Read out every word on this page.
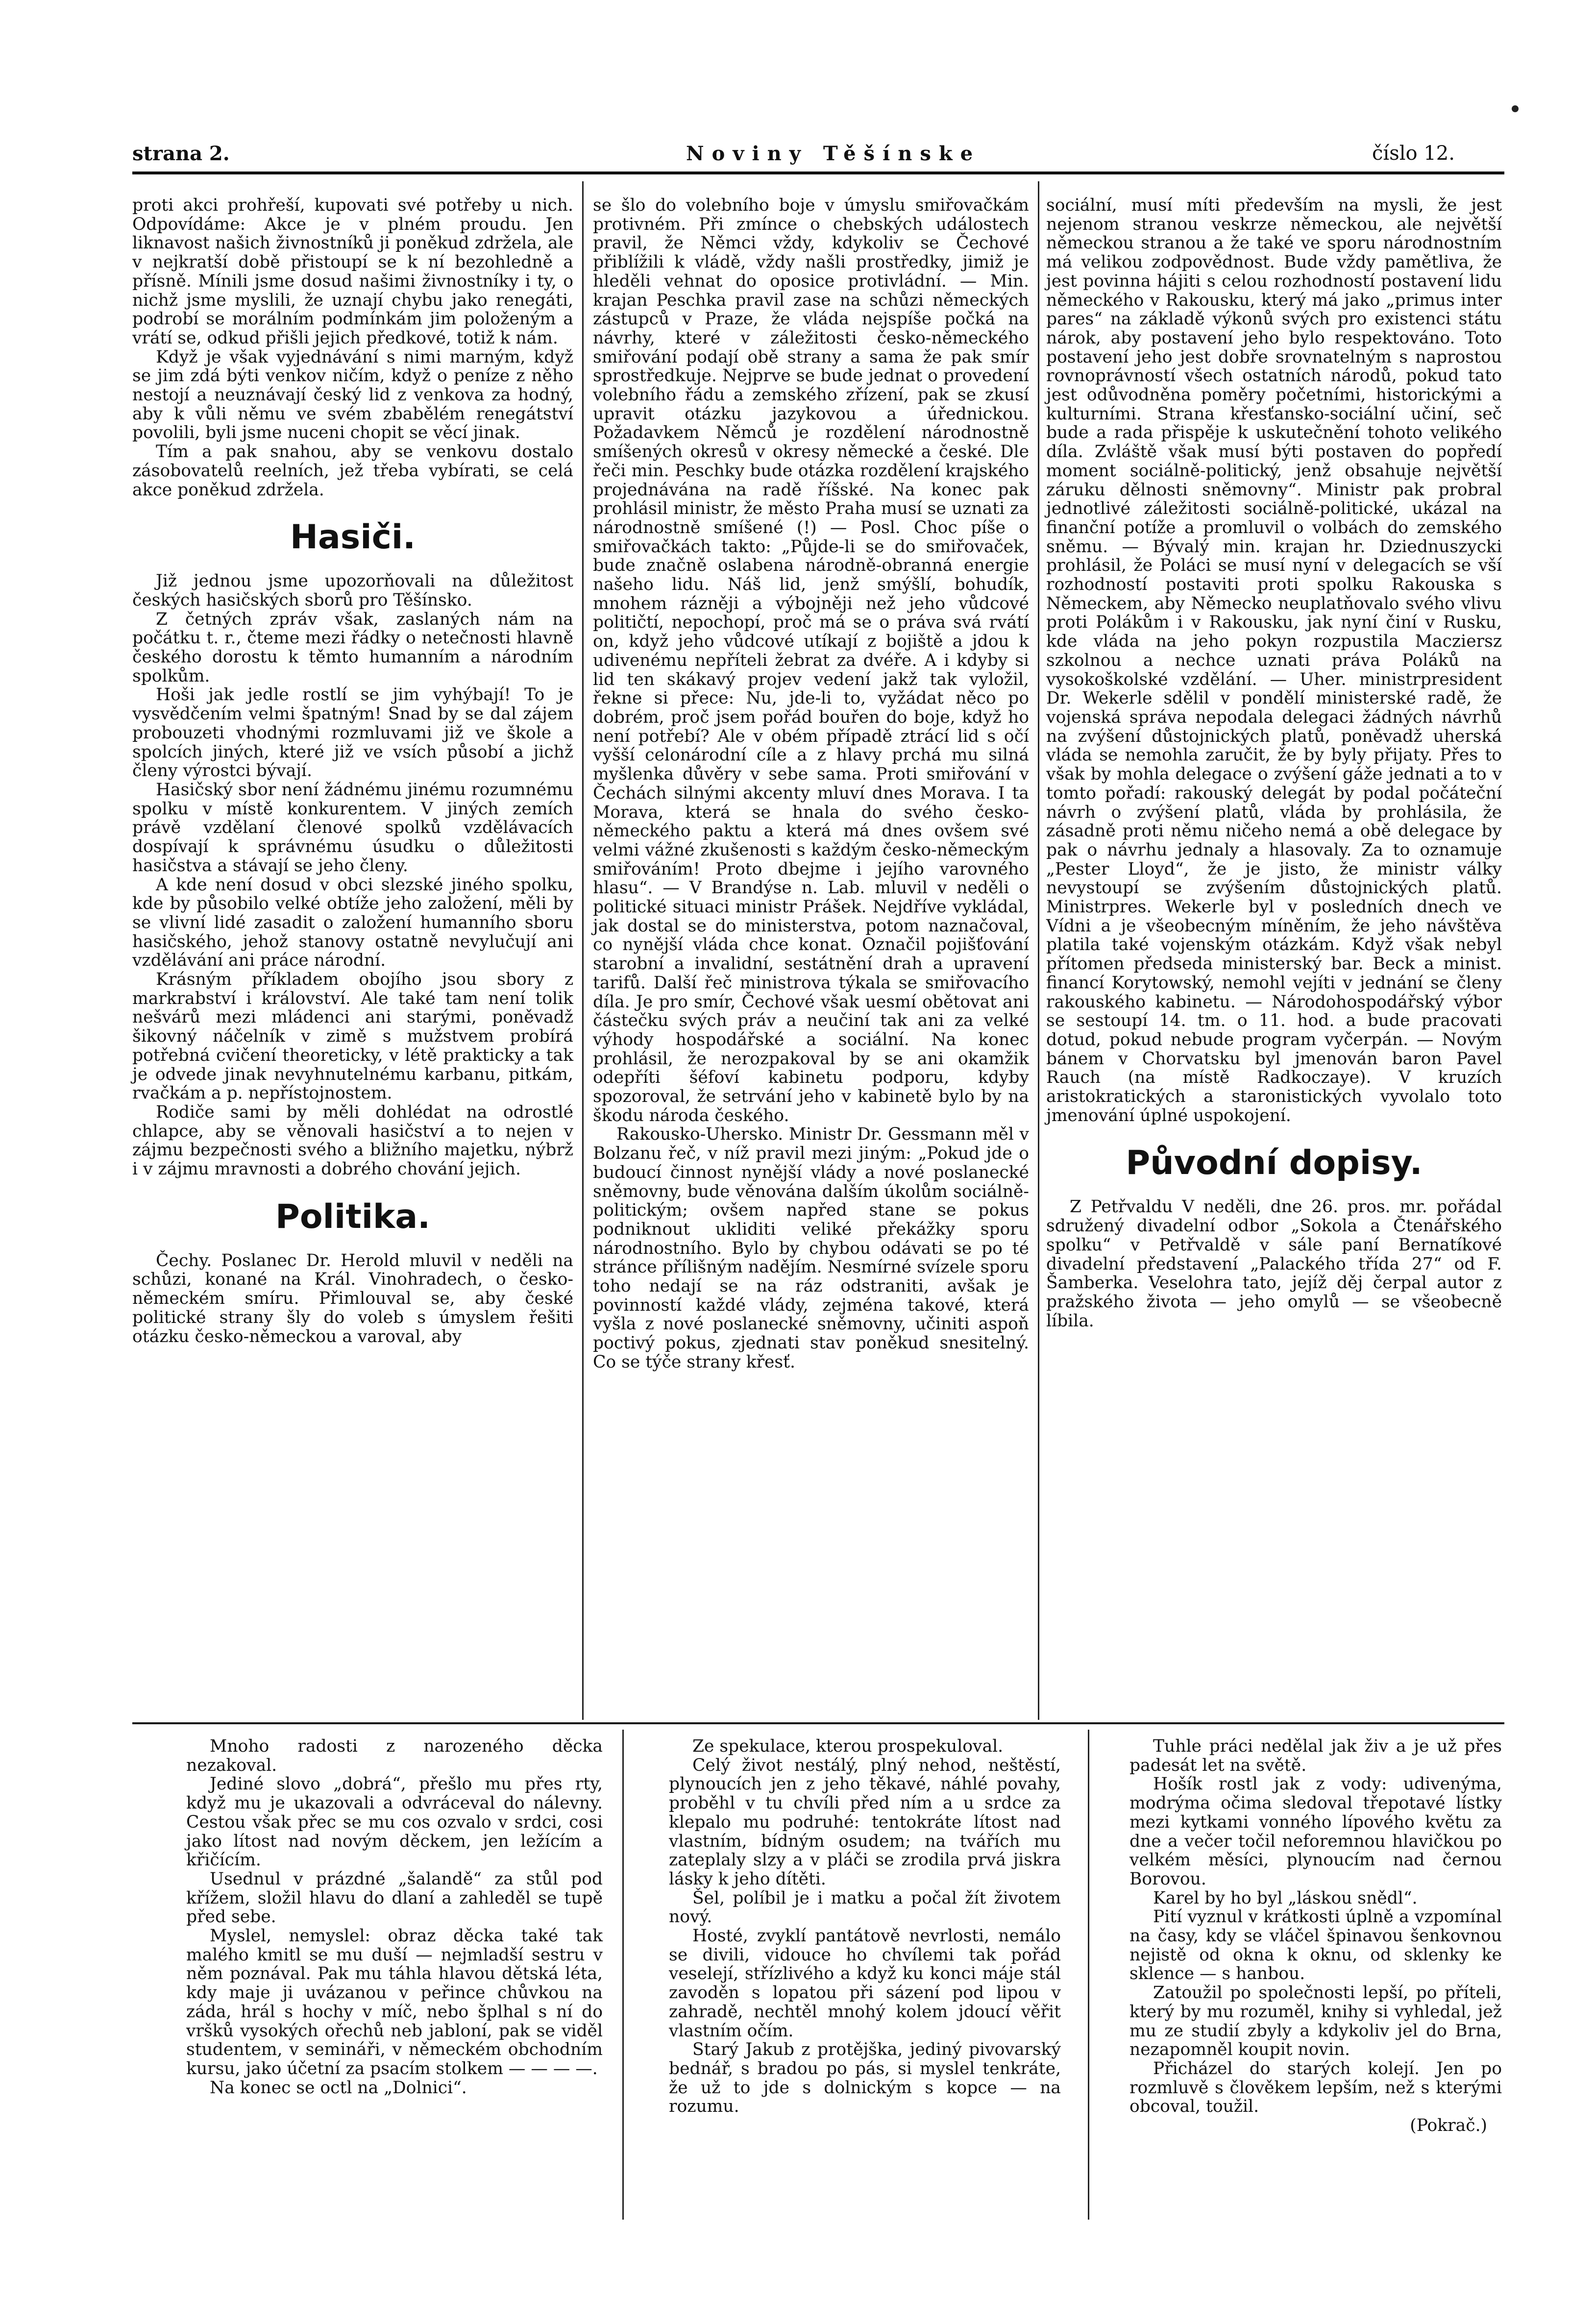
strana 2.	Noviny Těšínske	číslo 12.

proti akci prohřeší, kupovati své potřeby u nich. Odpovídáme: Akce je v plném proudu. Jen liknavost našich živnostníků ji poněkud zdržela, ale v nejkratší době přistoupí se k ní bezohledně a přísně. Mínili jsme dosud našimi živnostníky i ty, o nichž jsme myslili, že uznají chybu jako renegáti, podrobí se morálním podmínkám jim položeným a vrátí se, odkud přišli jejich předkové, totiž k nám.

Když je však vyjednávání s nimi marným, když se jim zdá býti venkov ničím, když o peníze z něho nestojí a neuznávají český lid z venkova za hodný, aby k vůli němu ve svém zbabělém renegátství povolili, byli jsme nuceni chopit se věcí jinak.

Tím a pak snahou, aby se venkovu dostalo zásobovatelů reelních, jež třeba vybírati, se celá akce poněkud zdržela.

Hasiči.

Již jednou jsme upozorňovali na důležitost českých hasičských sborů pro Těšínsko.

Z četných zpráv však, zaslaných nám na počátku t. r., čteme mezi řádky o netečnosti hlavně českého dorostu k těmto humanním a národním spolkům.

Hoši jak jedle rostlí se jim vyhýbají! To je vysvědčením velmi špatným! Snad by se dal zájem probouzeti vhodnými rozmluvami již ve škole a spolcích jiných, které již ve vsích působí a jichž členy výrostci bývají.

Hasičský sbor není žádnému jinému rozumnému spolku v místě konkurentem. V jiných zemích právě vzdělaní členové spolků vzdělávacích dospívají k správnému úsudku o důležitosti hasičstva a stávají se jeho členy.

A kde není dosud v obci slezské jiného spolku, kde by působilo velké obtíže jeho založení, měli by se vlivní lidé zasadit o založení humanního sboru hasičského, jehož stanovy ostatně nevylučují ani vzdělávání ani práce národní.

Krásným příkladem obojího jsou sbory z markrabství i království. Ale také tam není tolik nešvárů mezi mládenci ani starými, poněvadž šikovný náčelník v zimě s mužstvem probírá potřebná cvičení theoreticky, v létě prakticky a tak je odvede jinak nevyhnutelnému karbanu, pitkám, rvačkám a p. nepřístojnostem.

Rodiče sami by měli dohlédat na odrostlé chlapce, aby se věnovali hasičství a to nejen v zájmu bezpečnosti svého a bližního majetku, nýbrž i v zájmu mravnosti a dobrého chování jejich.

Politika.

Čechy. Poslanec Dr. Herold mluvil v neděli na schůzi, konané na Král. Vinohradech, o česko-německém smíru. Přimlouval se, aby české politické strany šly do voleb s úmyslem řešiti otázku česko-německou a varoval, aby

se šlo do volebního boje v úmyslu smiřovačkám protivném. Při zmínce o chebských událostech pravil, že Němci vždy, kdykoliv se Čechové přiblížili k vládě, vždy našli prostředky, jimiž je hleděli vehnat do oposice protivládní. — Min. krajan Peschka pravil zase na schůzi německých zástupců v Praze, že vláda nejspíše počká na návrhy, které v záležitosti česko-německého smiřování podají obě strany a sama že pak smír sprostředkuje. Nejprve se bude jednat o provedení volebního řádu a zemského zřízení, pak se zkusí upravit otázku jazykovou a úřednickou. Požadavkem Němců je rozdělení národnostně smíšených okresů v okresy německé a české. Dle řeči min. Peschky bude otázka rozdělení krajského projednávána na radě říšské. Na konec pak prohlásil ministr, že město Praha musí se uznati za národnostně smíšené (!) — Posl. Choc píše o smiřovačkách takto: „Půjde-li se do smiřovaček, bude značně oslabena národně-obranná energie našeho lidu. Náš lid, jenž smýšlí, bohudík, mnohem rázněji a výbojněji než jeho vůdcové političtí, nepochopí, proč má se o práva svá rvátí on, když jeho vůdcové utíkají z bojiště a jdou k udivenému nepříteli žebrat za dvéře. A i kdyby si lid ten skákavý projev vedení jakž tak vyložil, řekne si přece: Nu, jde-li to, vyžádat něco po dobrém, proč jsem pořád bouřen do boje, když ho není potřebí? Ale v obém případě ztrácí lid s očí vyšší celonárodní cíle a z hlavy prchá mu silná myšlenka důvěry v sebe sama. Proti smiřování v Čechách silnými akcenty mluví dnes Morava. I ta Morava, která se hnala do svého česko-německého paktu a která má dnes ovšem své velmi vážné zkušenosti s každým česko-německým smiřováním! Proto dbejme i jejího varovného hlasu“. — V Brandýse n. Lab. mluvil v neděli o politické situaci ministr Prášek. Nejdříve vykládal, jak dostal se do ministerstva, potom naznačoval, co nynější vláda chce konat. Označil pojišťování starobní a invalidní, sestátnění drah a upravení tarifů. Další řeč ministrova týkala se smiřovacího díla. Je pro smír, Čechové však uesmí obětovat ani částečku svých práv a neučiní tak ani za velké výhody hospodářské a sociální. Na konec prohlásil, že nerozpakoval by se ani okamžik odepříti šéfoví kabinetu podporu, kdyby spozoroval, že setrvání jeho v kabinetě bylo by na škodu národa českého.

Rakousko-Uhersko. Ministr Dr. Gessmann měl v Bolzanu řeč, v níž pravil mezi jiným: „Pokud jde o budoucí činnost nynější vlády a nové poslanecké sněmovny, bude věnována dalším úkolům sociálně-politickým; ovšem napřed stane se pokus podniknout ukliditi veliké překážky sporu národnostního. Bylo by chybou odávati se po té stránce přílišným nadějím. Nesmírné svízele sporu toho nedají se na ráz odstraniti, avšak je povinností každé vlády, zejména takové, která vyšla z nové poslanecké sněmovny, učiniti aspoň poctivý pokus, zjednati stav poněkud snesitelný. Co se týče strany křesť.

sociální, musí míti především na mysli, že jest nejenom stranou veskrze německou, ale největší německou stranou a že také ve sporu národnostním má velikou zodpovědnost. Bude vždy pamětliva, že jest povinna hájiti s celou rozhodností postavení lidu německého v Rakousku, který má jako „primus inter pares“ na základě výkonů svých pro existenci státu nárok, aby postavení jeho bylo respektováno. Toto postavení jeho jest dobře srovnatelným s naprostou rovnoprávností všech ostatních národů, pokud tato jest odůvodněna poměry početními, historickými a kulturními. Strana křesťansko-sociální učiní, seč bude a rada přispěje k uskutečnění tohoto velikého díla. Zvláště však musí býti postaven do popředí moment sociálně-politický, jenž obsahuje největší záruku dělnosti sněmovny“. Ministr pak probral jednotlivé záležitosti sociálně-politické, ukázal na finanční potíže a promluvil o volbách do zemského sněmu. — Bývalý min. krajan hr. Dziednuszycki prohlásil, že Poláci se musí nyní v delegacích se vší rozhodností postaviti proti spolku Rakouska s Německem, aby Německo neuplatňovalo svého vlivu proti Polákům i v Rakousku, jak nyní činí v Rusku, kde vláda na jeho pokyn rozpustila Macziersz szkolnou a nechce uznati práva Poláků na vysokoškolské vzdělání. — Uher. ministrpresident Dr. Wekerle sdělil v pondělí ministerské radě, že vojenská správa nepodala delegaci žádných návrhů na zvýšení důstojnických platů, poněvadž uherská vláda se nemohla zaručit, že by byly přijaty. Přes to však by mohla delegace o zvýšení gáže jednati a to v tomto pořadí: rakouský delegát by podal počáteční návrh o zvýšení platů, vláda by prohlásila, že zásadně proti němu ničeho nemá a obě delegace by pak o návrhu jednaly a hlasovaly. Za to oznamuje „Pester Lloyd“, že je jisto, že ministr války nevystoupí se zvýšením důstojnických platů. Ministrpres. Wekerle byl v posledních dnech ve Vídni a je všeobecným míněním, že jeho návštěva platila také vojenským otázkám. Když však nebyl přítomen předseda ministerský bar. Beck a minist. financí Korytowský, nemohl vejíti v jednání se členy rakouského kabinetu. — Národohospodářský výbor se sestoupí 14. tm. o 11. hod. a bude pracovati dotud, pokud nebude program vyčerpán. — Novým bánem v Chorvatsku byl jmenován baron Pavel Rauch (na místě Radkoczaye). V kruzích aristokratických a staronistických vyvolalo toto jmenování úplné uspokojení.

Původní dopisy.

Z Petřvaldu V neděli, dne 26. pros. mr. pořádal sdružený divadelní odbor „Sokola a Čtenářského spolku“ v Petřvaldě v sále paní Bernatíkové divadelní představení „Palackého třída 27“ od F. Šamberka. Veselohra tato, jejíž děj čerpal autor z pražského života — jeho omylů — se všeobecně líbila.

Mnoho radosti z narozeného děcka nezakoval.

Jediné slovo „dobrá“, přešlo mu přes rty, když mu je ukazovali a odvráceval do nálevny. Cestou však přec se mu cos ozvalo v srdci, cosi jako lítost nad novým děckem, jen ležícím a křičícím.

Usednul v prázdné „šalandě“ za stůl pod křížem, složil hlavu do dlaní a zahleděl se tupě před sebe.

Myslel, nemyslel: obraz děcka také tak malého kmitl se mu duší — nejmladší sestru v něm poznával. Pak mu táhla hlavou dětská léta, kdy maje ji uvázanou v peřince chůvkou na záda, hrál s hochy v míč, nebo šplhal s ní do vršků vysokých ořechů neb jabloní, pak se viděl studentem, v semináři, v německém obchodním kursu, jako účetní za psacím stolkem — — — —.

Na konec se octl na „Dolnici“.

Ze spekulace, kterou prospekuloval.

Celý život nestálý, plný nehod, neštěstí, plynoucích jen z jeho těkavé, náhlé povahy, proběhl v tu chvíli před ním a u srdce za klepalo mu podruhé: tentokráte lítost nad vlastním, bídným osudem; na tvářích mu zateplaly slzy a v pláči se zrodila prvá jiskra lásky k jeho dítěti.

Šel, políbil je i matku a počal žít životem nový.

Hosté, zvyklí pantátově nevrlosti, nemálo se divili, vidouce ho chvílemi tak pořád veselejí, střízlivého a když ku konci máje stál zavoděn s lopatou při sázení pod lipou v zahradě, nechtěl mnohý kolem jdoucí věřit vlastním očím.

Starý Jakub z protějška, jediný pivovarský bednář, s bradou po pás, si myslel tenkráte, že už to jde s dolnickým s kopce — na rozumu.

Tuhle práci nedělal jak živ a je už přes padesát let na světě.

Hošík rostl jak z vody: udivenýma, modrýma očima sledoval třepotavé lístky mezi kytkami vonného lípového květu za dne a večer točil neforemnou hlavičkou po velkém měsíci, plynoucím nad černou Borovou.

Karel by ho byl „láskou snědl“.

Pití vyznul v krátkosti úplně a vzpomínal na časy, kdy se vláčel špinavou šenkovnou nejistě od okna k oknu, od sklenky ke sklence — s hanbou.

Zatoužil po společnosti lepší, po příteli, který by mu rozuměl, knihy si vyhledal, jež mu ze studií zbyly a kdykoliv jel do Brna, nezapomněl koupit novin.

Přicházel do starých kolejí. Jen po rozmluvě s člověkem lepším, než s kterými obcoval, toužil.

(Pokrač.)
